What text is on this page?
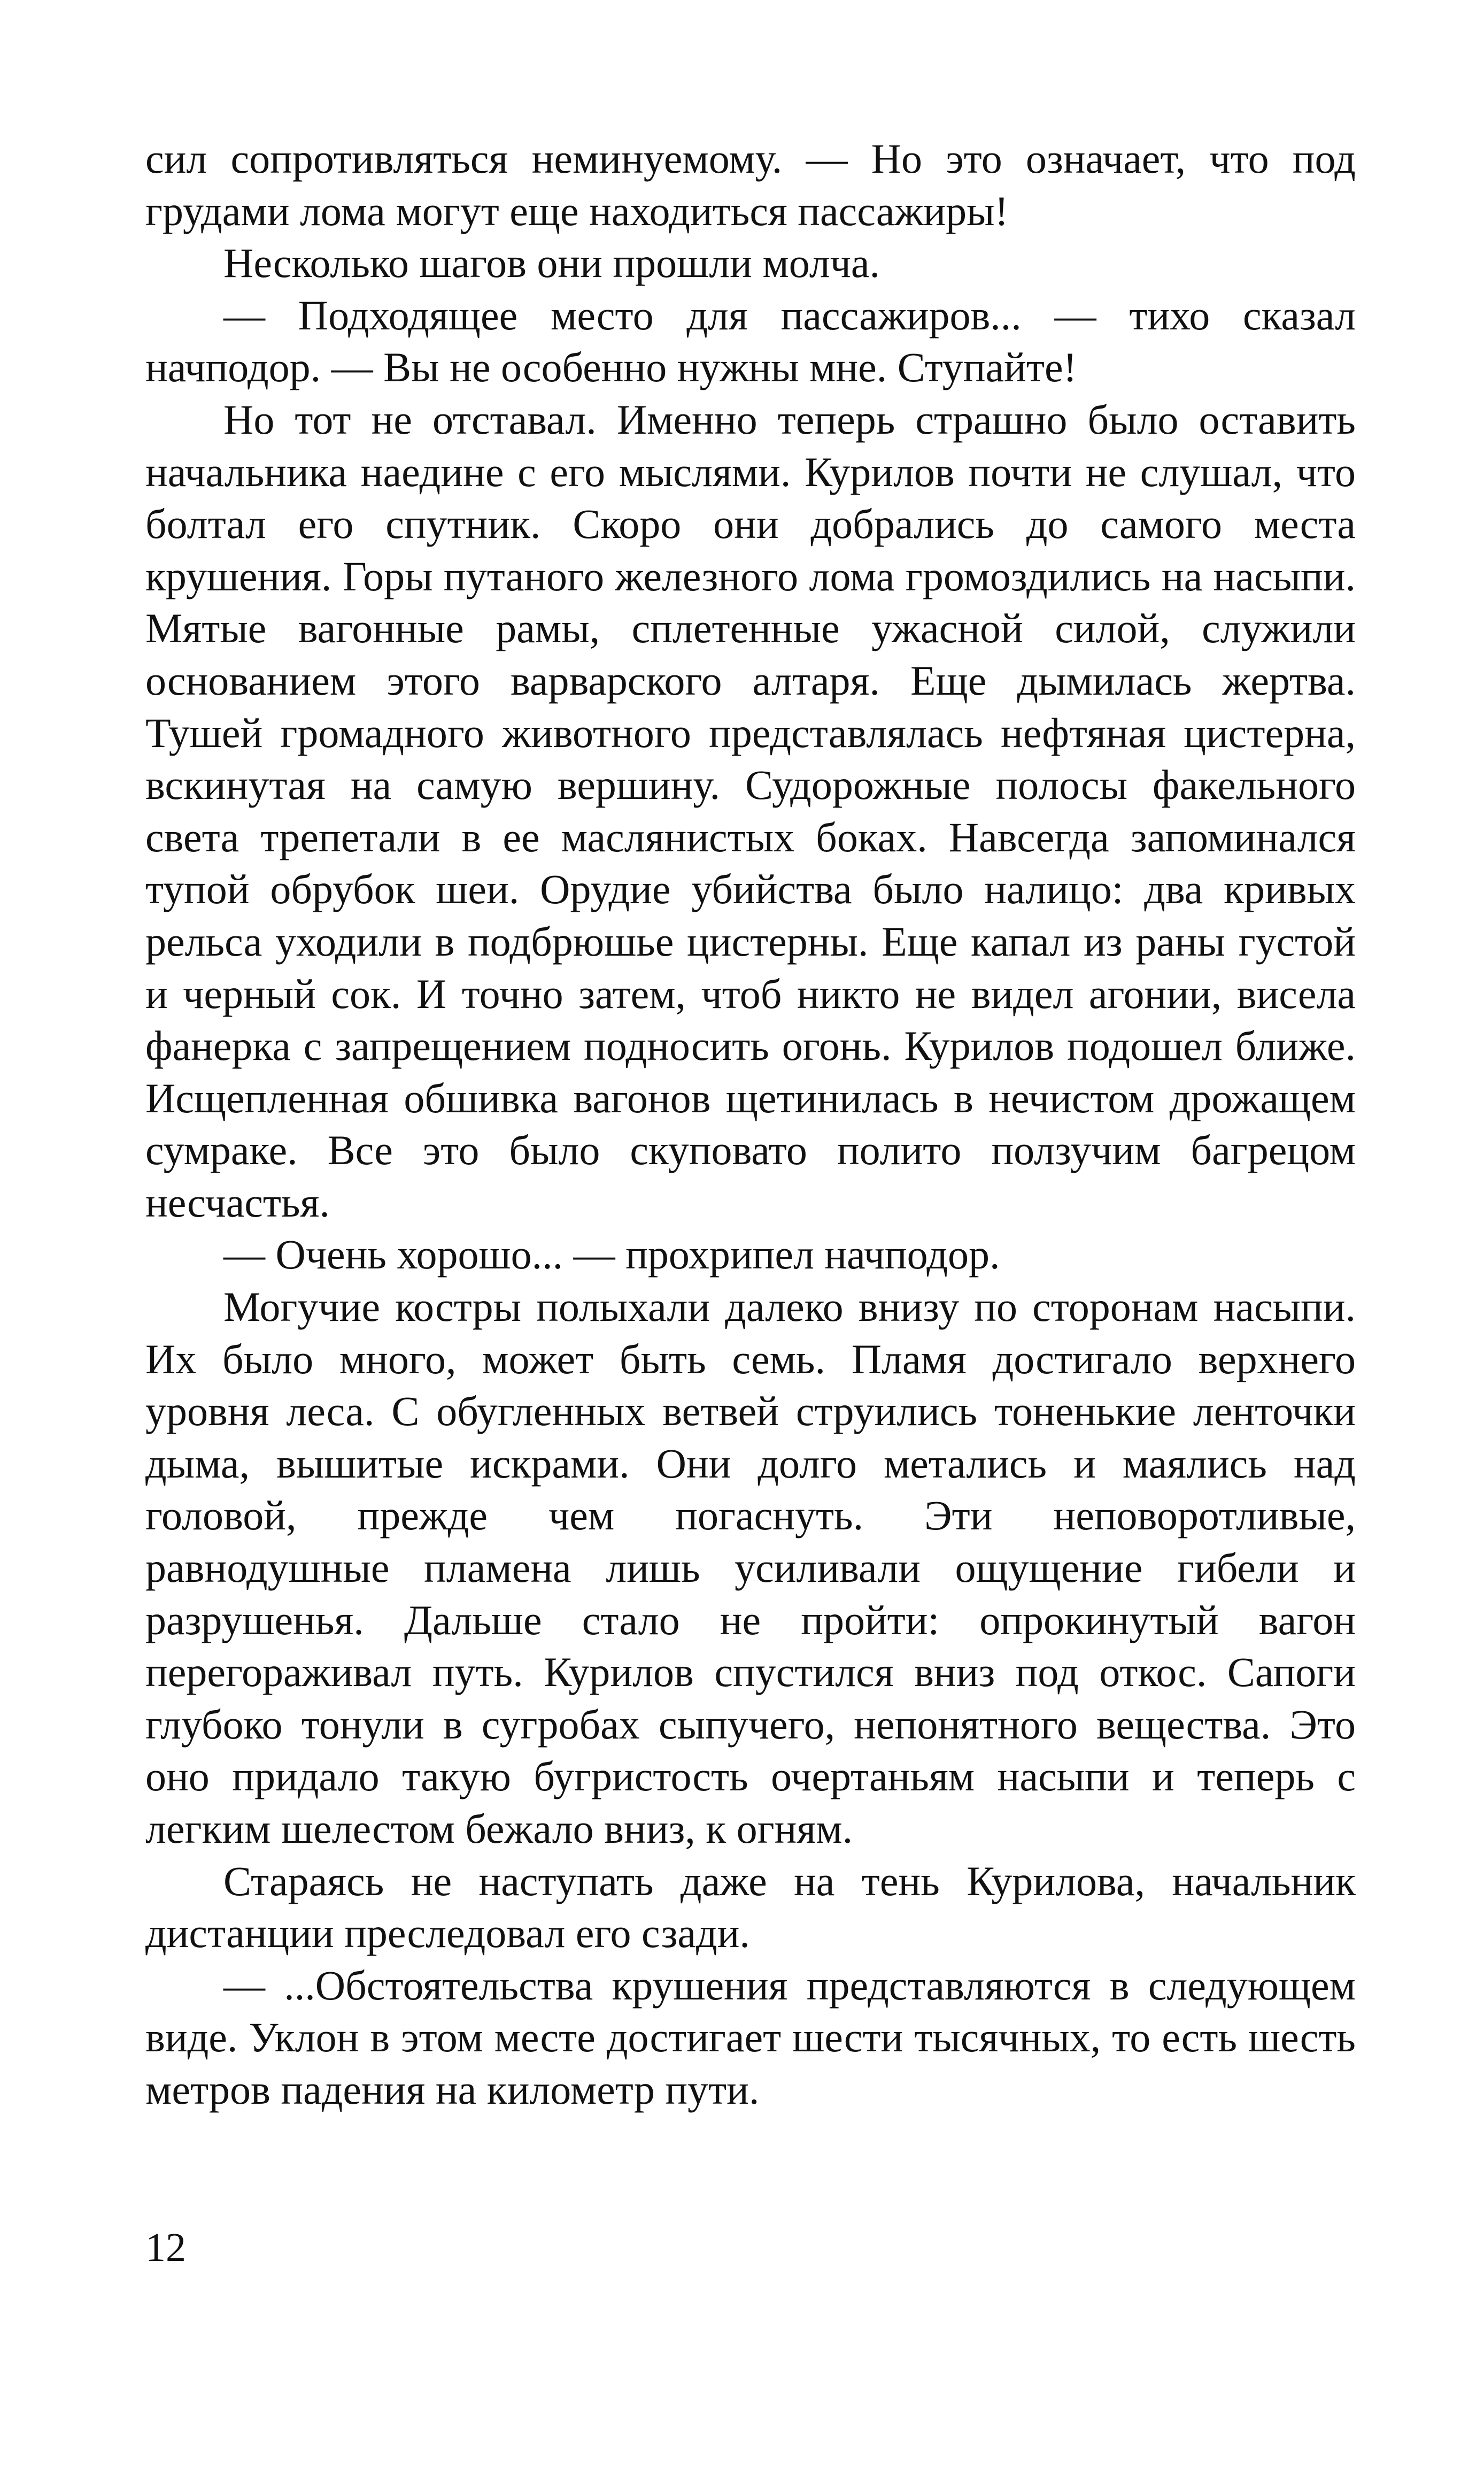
сил сопротивляться неминуемому. — Но это означает, что под грудами лома могут еще находиться пассажиры!

Несколько шагов они прошли молча.

— Подходящее место для пассажиров... — тихо сказал начподор. — Вы не особенно нужны мне. Ступайте!

Но тот не отставал. Именно теперь страшно было оставить начальника наедине с его мыслями. Курилов почти не слушал, что болтал его спутник. Скоро они добрались до самого места крушения. Горы путаного железного лома громоздились на насыпи. Мятые вагонные рамы, сплетенные ужасной силой, служили основанием этого варварского алтаря. Еще дымилась жертва. Тушей громадного животного представлялась нефтяная цистерна, вскинутая на самую вершину. Судорожные полосы факельного света трепетали в ее маслянистых боках. Навсегда запоминался тупой обрубок шеи. Орудие убийства было налицо: два кривых рельса уходили в подбрюшье цистерны. Еще капал из раны густой и черный сок. И точно затем, чтоб никто не видел агонии, висела фанерка с запрещением подносить огонь. Курилов подошел ближе. Исщепленная обшивка вагонов щетинилась в нечистом дрожащем сумраке. Все это было скуповато полито ползучим багрецом несчастья.

— Очень хорошо... — прохрипел начподор.

Могучие костры полыхали далеко внизу по сторонам насыпи. Их было много, может быть семь. Пламя достигало верхнего уровня леса. С обугленных ветвей струились тоненькие ленточки дыма, вышитые искрами. Они долго метались и маялись над головой, прежде чем погаснуть. Эти неповоротливые, равнодушные пламена лишь усиливали ощущение гибели и разрушенья. Дальше стало не пройти: опрокинутый вагон перегораживал путь. Курилов спустился вниз под откос. Сапоги глубоко тонули в сугробах сыпучего, непонятного вещества. Это оно придало такую бугристость очертаньям насыпи и теперь с легким шелестом бежало вниз, к огням.

Стараясь не наступать даже на тень Курилова, начальник дистанции преследовал его сзади.

— ...Обстоятельства крушения представляются в следующем виде. Уклон в этом месте достигает шести тысячных, то есть шесть метров падения на километр пути.

12
